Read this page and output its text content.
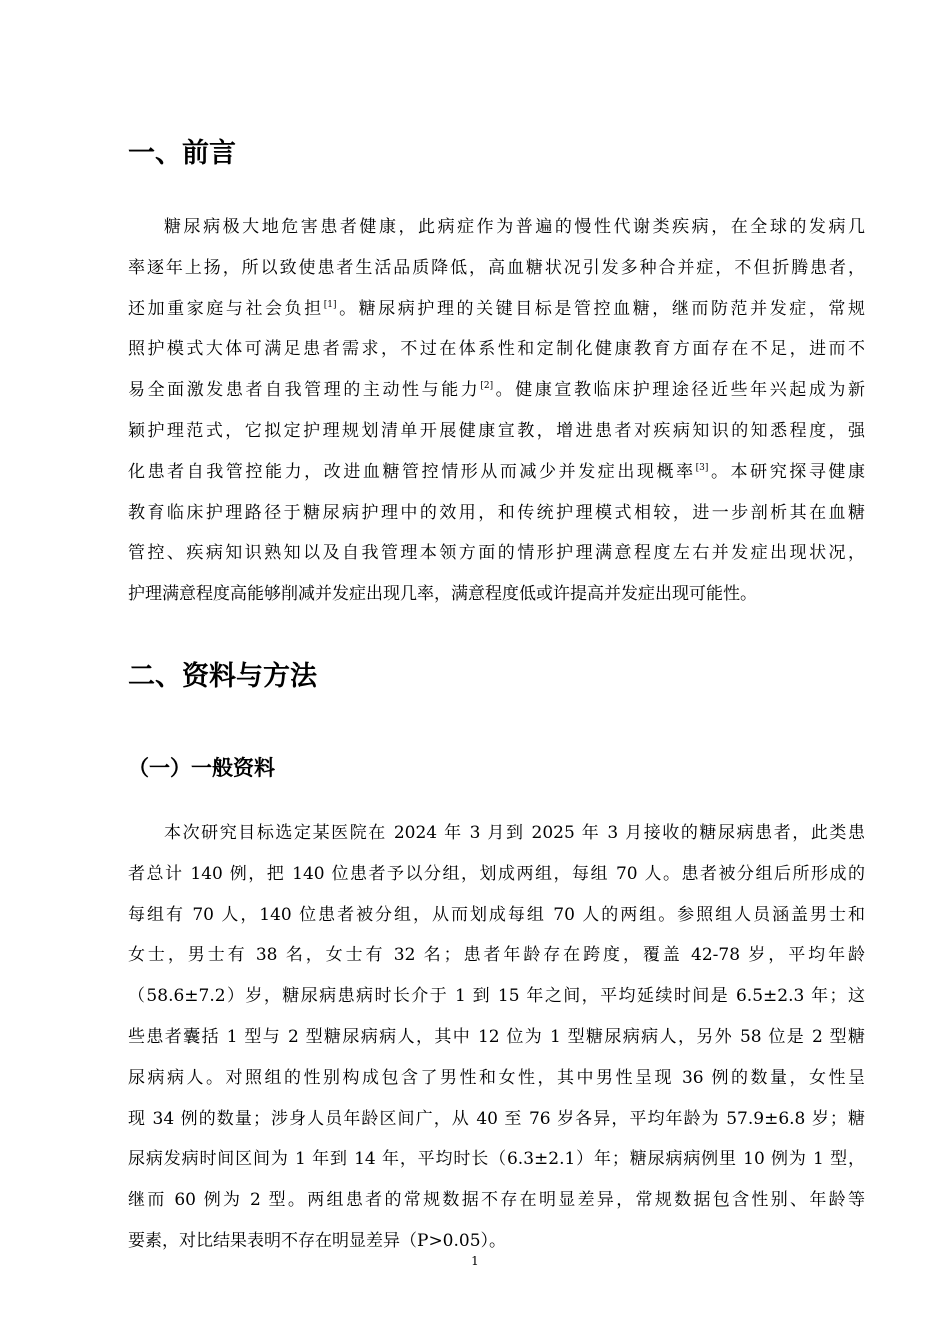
一、前言
糖尿病极大地危害患者健康，此病症作为普遍的慢性代谢类疾病，在全球的发病几
率逐年上扬，所以致使患者生活品质降低，高血糖状况引发多种合并症，不但折腾患者，
还加重家庭与社会负担[1]。糖尿病护理的关键目标是管控血糖，继而防范并发症，常规
照护模式大体可满足患者需求，不过在体系性和定制化健康教育方面存在不足，进而不
易全面激发患者自我管理的主动性与能力[2]。健康宣教临床护理途径近些年兴起成为新
颖护理范式，它拟定护理规划清单开展健康宣教，增进患者对疾病知识的知悉程度，强
化患者自我管控能力，改进血糖管控情形从而减少并发症出现概率[3]。本研究探寻健康
教育临床护理路径于糖尿病护理中的效用，和传统护理模式相较，进一步剖析其在血糖
管控、疾病知识熟知以及自我管理本领方面的情形护理满意程度左右并发症出现状况，
护理满意程度高能够削减并发症出现几率，满意程度低或许提高并发症出现可能性。
二、资料与方法
（一）一般资料
本次研究目标选定某医院在 2024 年 3 月到 2025 年 3 月接收的糖尿病患者，此类患
者总计 140 例，把 140 位患者予以分组，划成两组，每组 70 人。患者被分组后所形成的
每组有 70 人，140 位患者被分组，从而划成每组 70 人的两组。参照组人员涵盖男士和
女士，男士有 38 名，女士有 32 名；患者年龄存在跨度，覆盖 42-78 岁，平均年龄
（58.6±7.2）岁，糖尿病患病时长介于 1 到 15 年之间，平均延续时间是 6.5±2.3 年；这
些患者囊括 1 型与 2 型糖尿病病人，其中 12 位为 1 型糖尿病病人，另外 58 位是 2 型糖
尿病病人。对照组的性别构成包含了男性和女性，其中男性呈现 36 例的数量，女性呈
现 34 例的数量；涉身人员年龄区间广，从 40 至 76 岁各异，平均年龄为 57.9±6.8 岁；糖
尿病发病时间区间为 1 年到 14 年，平均时长（6.3±2.1）年；糖尿病病例里 10 例为 1 型，
继而 60 例为 2 型。两组患者的常规数据不存在明显差异，常规数据包含性别、年龄等
要素，对比结果表明不存在明显差异（P>0.05）。
1
